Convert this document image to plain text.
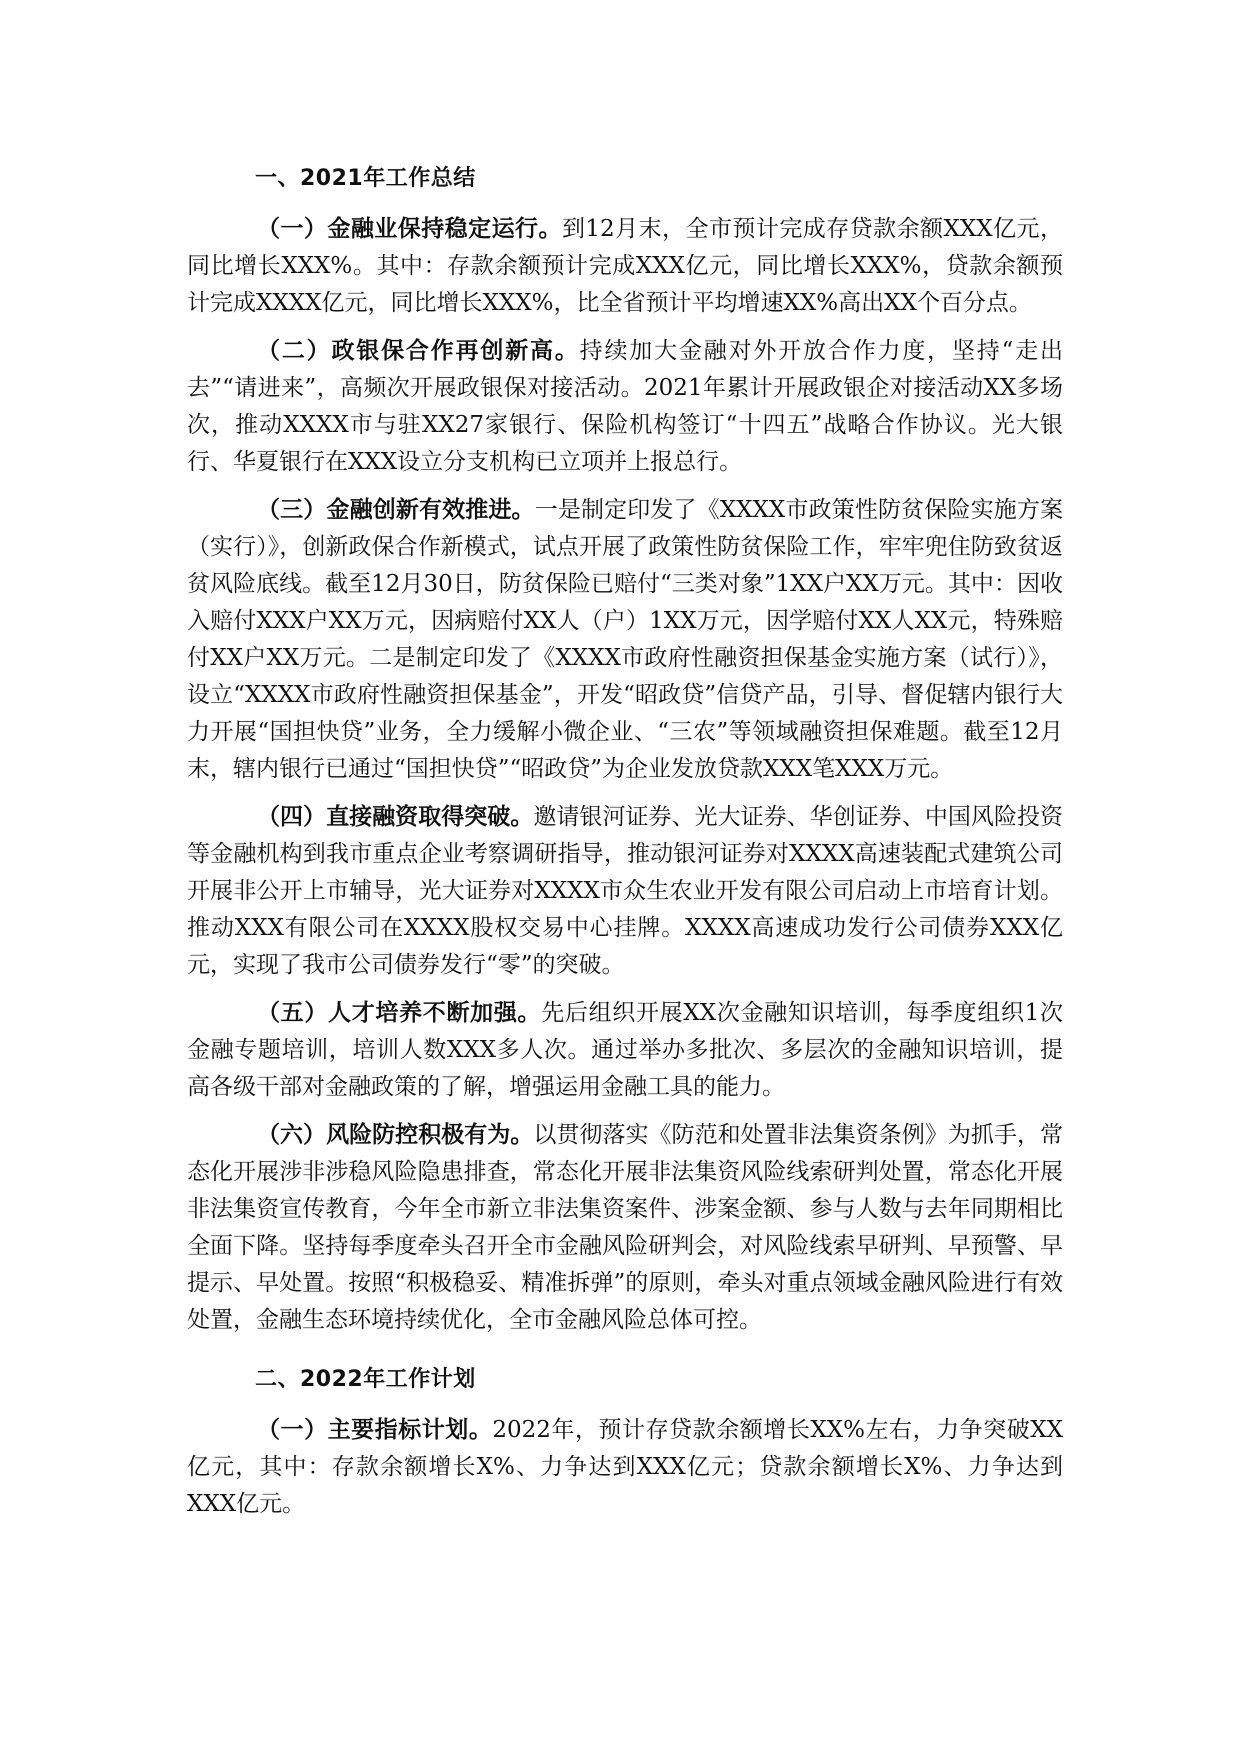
一、2021年工作总结

（一）金融业保持稳定运行。到12月末，全市预计完成存贷款余额XXX亿元，同比增长XXX%。其中：存款余额预计完成XXX亿元，同比增长XXX%，贷款余额预计完成XXXX亿元，同比增长XXX%，比全省预计平均增速XX%高出XX个百分点。

（二）政银保合作再创新高。持续加大金融对外开放合作力度，坚持“走出去”“请进来”，高频次开展政银保对接活动。2021年累计开展政银企对接活动XX多场次，推动XXXX市与驻XX27家银行、保险机构签订“十四五”战略合作协议。光大银行、华夏银行在XXX设立分支机构已立项并上报总行。

（三）金融创新有效推进。一是制定印发了《XXXX市政策性防贫保险实施方案（实行）》，创新政保合作新模式，试点开展了政策性防贫保险工作，牢牢兜住防致贫返贫风险底线。截至12月30日，防贫保险已赔付“三类对象”1XX户XX万元。其中：因收入赔付XXX户XX万元，因病赔付XX人（户）1XX万元，因学赔付XX人XX元，特殊赔付XX户XX万元。二是制定印发了《XXXX市政府性融资担保基金实施方案（试行）》，设立“XXXX市政府性融资担保基金”，开发“昭政贷”信贷产品，引导、督促辖内银行大力开展“国担快贷”业务，全力缓解小微企业、“三农”等领域融资担保难题。截至12月末，辖内银行已通过“国担快贷”“昭政贷”为企业发放贷款XXX笔XXX万元。

（四）直接融资取得突破。邀请银河证券、光大证券、华创证券、中国风险投资等金融机构到我市重点企业考察调研指导，推动银河证券对XXXX高速装配式建筑公司开展非公开上市辅导，光大证券对XXXX市众生农业开发有限公司启动上市培育计划。推动XXX有限公司在XXXX股权交易中心挂牌。XXXX高速成功发行公司债券XXX亿元，实现了我市公司债券发行“零”的突破。

（五）人才培养不断加强。先后组织开展XX次金融知识培训，每季度组织1次金融专题培训，培训人数XXX多人次。通过举办多批次、多层次的金融知识培训，提高各级干部对金融政策的了解，增强运用金融工具的能力。

（六）风险防控积极有为。以贯彻落实《防范和处置非法集资条例》为抓手，常态化开展涉非涉稳风险隐患排查，常态化开展非法集资风险线索研判处置，常态化开展非法集资宣传教育，今年全市新立非法集资案件、涉案金额、参与人数与去年同期相比全面下降。坚持每季度牵头召开全市金融风险研判会，对风险线索早研判、早预警、早提示、早处置。按照“积极稳妥、精准拆弹”的原则，牵头对重点领域金融风险进行有效处置，金融生态环境持续优化，全市金融风险总体可控。

二、2022年工作计划

（一）主要指标计划。2022年，预计存贷款余额增长XX%左右，力争突破XX亿元，其中：存款余额增长X%、力争达到XXX亿元；贷款余额增长X%、力争达到XXX亿元。
